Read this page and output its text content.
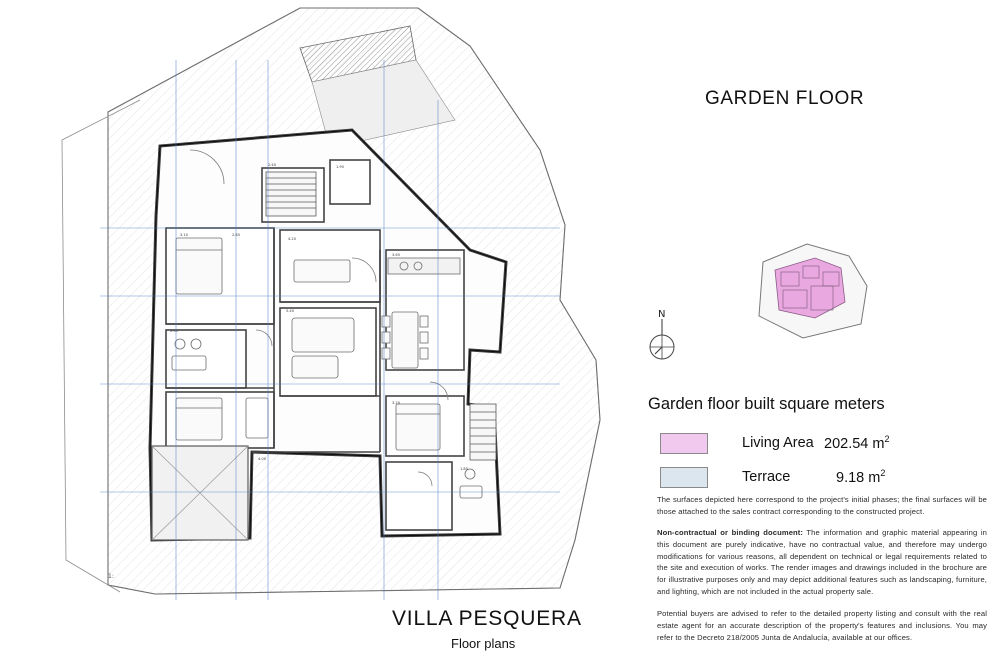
3.10	2.85
4.20
3.65
2.05
5.40
3.20
4.00
1.85
2.40	1.95
1:
GARDEN FLOOR
N
Garden floor built square meters
Living Area 202.54 $m^2$
Terrace	9.18 $m^2$
The surfaces depicted here correspond to the project's initial phases; the final surfaces will be those attached to the sales contract corresponding to the constructed project.
Non-contractual or binding document: The information and graphic material appearing in this document are purely indicative, have no contractual value, and therefore may undergo modifications for various reasons, all dependent on technical or legal requirements related to the site and execution of works. The render images and drawings included in the brochure are for illustrative purposes only and may depict additional features such as landscaping, furniture, and lighting, which are not included in the actual property sale.
Potential buyers are advised to refer to the detailed property listing and consult with the real estate agent for an accurate description of the property's features and inclusions. You may refer to the Decreto 218/2005 Junta de Andalucía, available at our offices.
VILLA PESQUERA
Floor plans
